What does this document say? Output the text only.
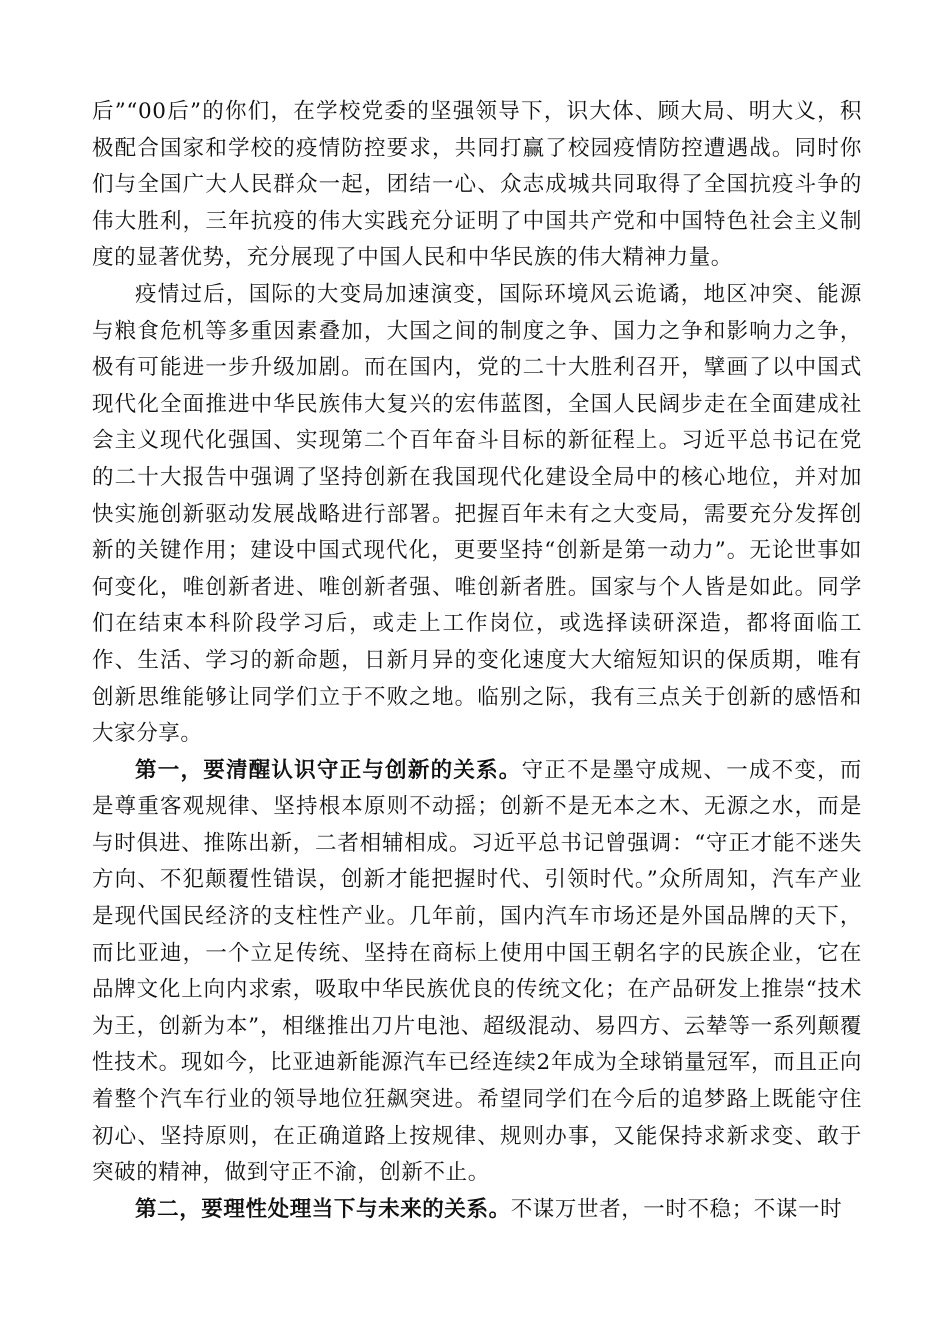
后”“00后”的你们，在学校党委的坚强领导下，识大体、顾大局、明大义，积极配合国家和学校的疫情防控要求，共同打赢了校园疫情防控遭遇战。同时你们与全国广大人民群众一起，团结一心、众志成城共同取得了全国抗疫斗争的伟大胜利，三年抗疫的伟大实践充分证明了中国共产党和中国特色社会主义制度的显著优势，充分展现了中国人民和中华民族的伟大精神力量。

疫情过后，国际的大变局加速演变，国际环境风云诡谲，地区冲突、能源与粮食危机等多重因素叠加，大国之间的制度之争、国力之争和影响力之争，极有可能进一步升级加剧。而在国内，党的二十大胜利召开，擘画了以中国式现代化全面推进中华民族伟大复兴的宏伟蓝图，全国人民阔步走在全面建成社会主义现代化强国、实现第二个百年奋斗目标的新征程上。习近平总书记在党的二十大报告中强调了坚持创新在我国现代化建设全局中的核心地位，并对加快实施创新驱动发展战略进行部署。把握百年未有之大变局，需要充分发挥创新的关键作用；建设中国式现代化，更要坚持“创新是第一动力”。无论世事如何变化，唯创新者进、唯创新者强、唯创新者胜。国家与个人皆是如此。同学们在结束本科阶段学习后，或走上工作岗位，或选择读研深造，都将面临工作、生活、学习的新命题，日新月异的变化速度大大缩短知识的保质期，唯有创新思维能够让同学们立于不败之地。临别之际，我有三点关于创新的感悟和大家分享。

第一，要清醒认识守正与创新的关系。守正不是墨守成规、一成不变，而是尊重客观规律、坚持根本原则不动摇；创新不是无本之木、无源之水，而是与时俱进、推陈出新，二者相辅相成。习近平总书记曾强调：“守正才能不迷失方向、不犯颠覆性错误，创新才能把握时代、引领时代。”众所周知，汽车产业是现代国民经济的支柱性产业。几年前，国内汽车市场还是外国品牌的天下，而比亚迪，一个立足传统、坚持在商标上使用中国王朝名字的民族企业，它在品牌文化上向内求索，吸取中华民族优良的传统文化；在产品研发上推崇“技术为王，创新为本”，相继推出刀片电池、超级混动、易四方、云辇等一系列颠覆性技术。现如今，比亚迪新能源汽车已经连续2年成为全球销量冠军，而且正向着整个汽车行业的领导地位狂飙突进。希望同学们在今后的追梦路上既能守住初心、坚持原则，在正确道路上按规律、规则办事，又能保持求新求变、敢于突破的精神，做到守正不渝，创新不止。

第二，要理性处理当下与未来的关系。不谋万世者，一时不稳；不谋一时
